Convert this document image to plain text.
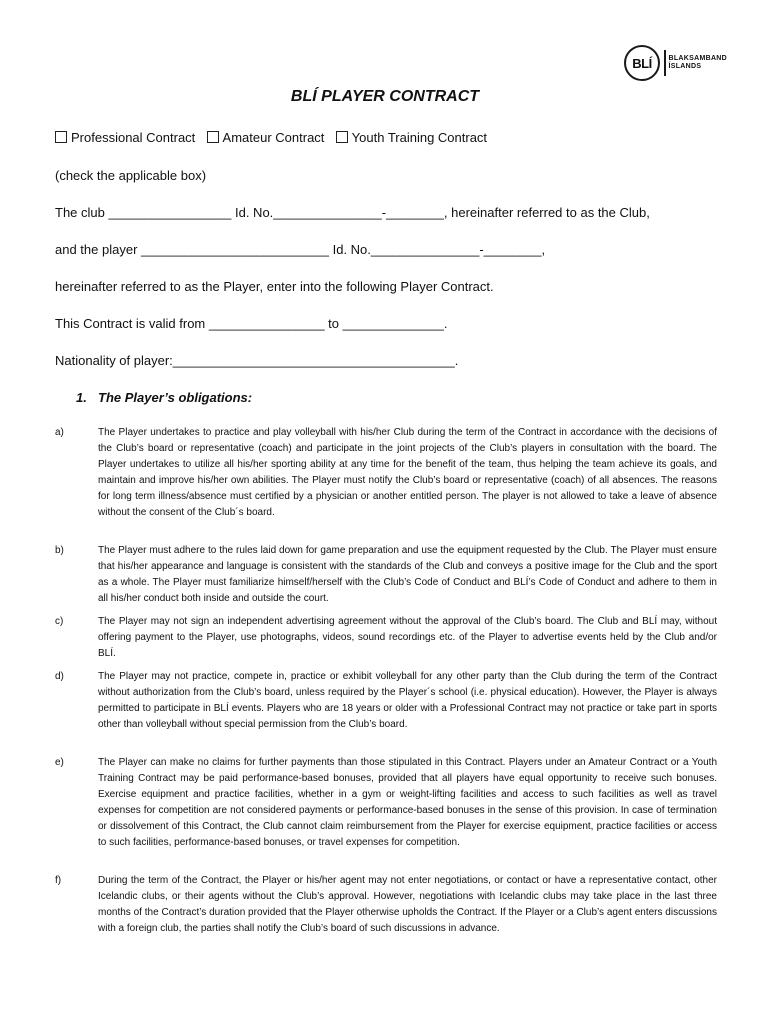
BLÍ	BLAKSAMBAND
ÍSLANDS
BLÍ PLAYER CONTRACT
Professional Contract Amateur Contract Youth Training Contract
(check the applicable box)
The club _________________ Id. No._______________-________, hereinafter referred to as the Club,
and the player __________________________ Id. No._______________-________,
hereinafter referred to as the Player, enter into the following Player Contract.
This Contract is valid from ________________ to ______________.
Nationality of player:_______________________________________.
1. The Player’s obligations:
a)	The Player undertakes to practice and play volleyball with his/her Club during the term of the Contract in accordance with the decisions of the Club’s board or representative (coach) and participate in the joint projects of the Club’s players in consultation with the board. The Player undertakes to utilize all his/her sporting ability at any time for the benefit of the team, thus helping the team achieve its goals, and maintain and improve his/her own abilities. The Player must notify the Club’s board or representative (coach) of all absences. The reasons for long term illness/absence must certified by a physician or another entitled person. The player is not allowed to take a leave of absence without the consent of the Club´s board.
b)	The Player must adhere to the rules laid down for game preparation and use the equipment requested by the Club. The Player must ensure that his/her appearance and language is consistent with the standards of the Club and conveys a positive image for the Club and the sport as a whole. The Player must familiarize himself/herself with the Club’s Code of Conduct and BLÍ’s Code of Conduct and adhere to them in all his/her conduct both inside and outside the court.
c)	The Player may not sign an independent advertising agreement without the approval of the Club’s board. The Club and BLÍ may, without offering payment to the Player, use photographs, videos, sound recordings etc. of the Player to advertise events held by the Club and/or BLÍ.
d)	The Player may not practice, compete in, practice or exhibit volleyball for any other party than the Club during the term of the Contract without authorization from the Club’s board, unless required by the Player´s school (i.e. physical education). However, the Player is always permitted to participate in BLÍ events. Players who are 18 years or older with a Professional Contract may not practice or take part in sports other than volleyball without special permission from the Club’s board.
e)	The Player can make no claims for further payments than those stipulated in this Contract. Players under an Amateur Contract or a Youth Training Contract may be paid performance-based bonuses, provided that all players have equal opportunity to receive such bonuses. Exercise equipment and practice facilities, whether in a gym or weight-lifting facilities and access to such facilities as well as travel expenses for competition are not considered payments or performance-based bonuses in the sense of this provision. In case of termination or dissolvement of this Contract, the Club cannot claim reimbursement from the Player for exercise equipment, practice facilities or access to such facilities, performance-based bonuses, or travel expenses for competition.
f)	During the term of the Contract, the Player or his/her agent may not enter negotiations, or contact or have a representative contact, other Icelandic clubs, or their agents without the Club’s approval. However, negotiations with Icelandic clubs may take place in the last three months of the Contract’s duration provided that the Player otherwise upholds the Contract. If the Player or a Club’s agent enters discussions with a foreign club, the parties shall notify the Club’s board of such discussions in advance.
